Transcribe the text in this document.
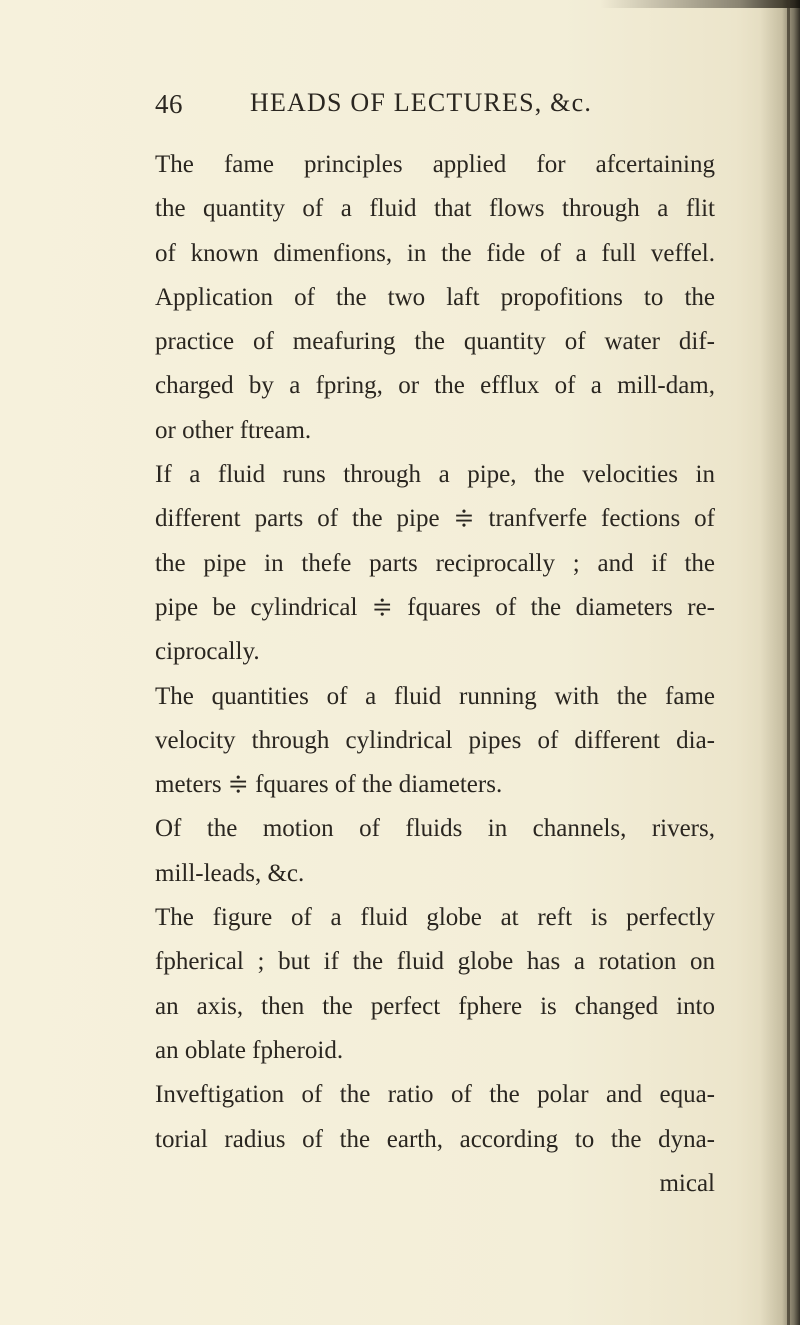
46	HEADS OF LECTURES, &c.
The fame principles applied for afcertaining
the quantity of a fluid that flows through a flit
of known dimenfions, in the fide of a full veffel.
Application of the two laft propofitions to the
practice of meafuring the quantity of water dif-
charged by a fpring, or the efflux of a mill-dam,
or other ftream.
If a fluid runs through a pipe, the velocities in
different parts of the pipe ≑ tranfverfe fections of
the pipe in thefe parts reciprocally ; and if the
pipe be cylindrical ≑ fquares of the diameters re-
ciprocally.
The quantities of a fluid running with the fame
velocity through cylindrical pipes of different dia-
meters ≑ fquares of the diameters.
Of the motion of fluids in channels, rivers,
mill-leads, &c.
The figure of a fluid globe at reft is perfectly
fpherical ; but if the fluid globe has a rotation on
an axis, then the perfect fphere is changed into
an oblate fpheroid.
Inveftigation of the ratio of the polar and equa-
torial radius of the earth, according to the dyna-
mical
